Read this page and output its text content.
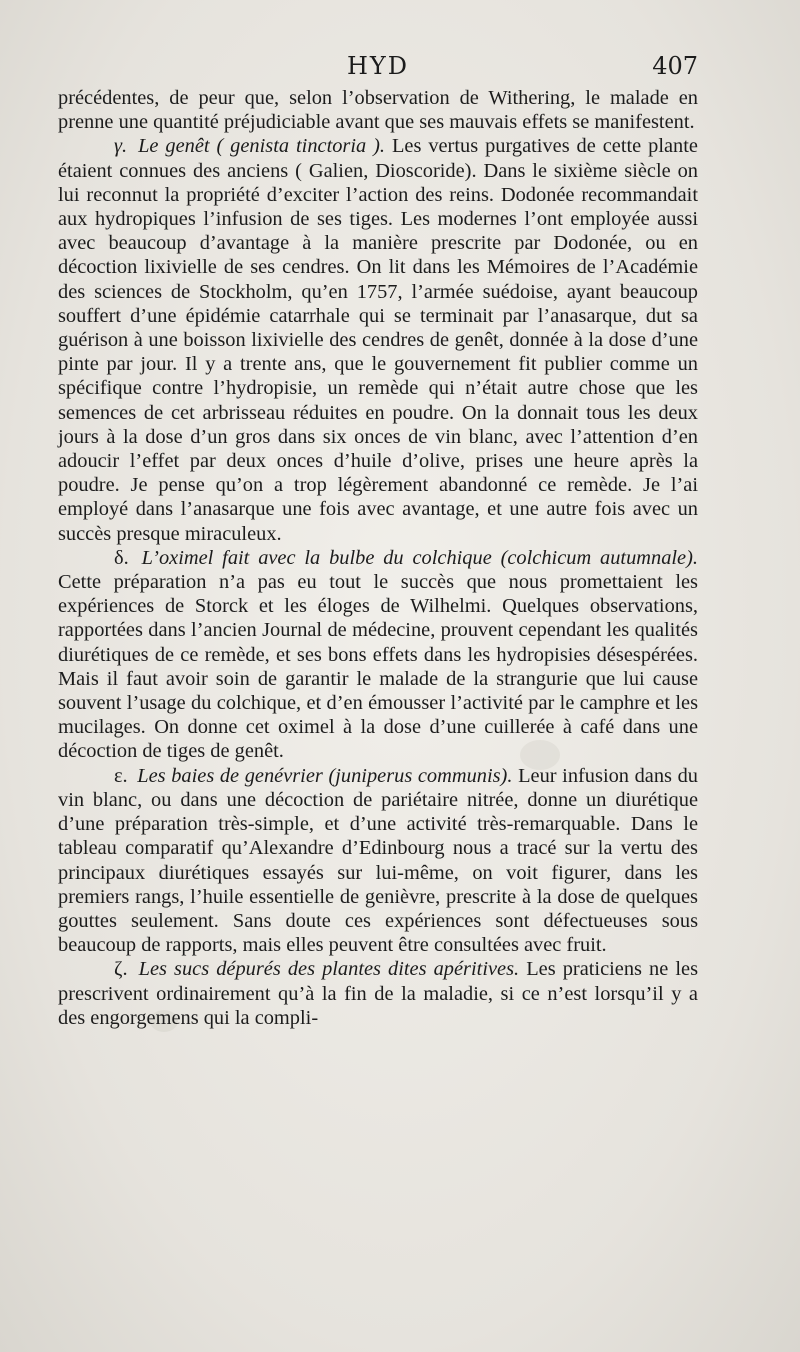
HYD	407

précédentes, de peur que, selon l’observation de Withering, le malade en prenne une quantité préjudiciable avant que ses mauvais effets se manifestent.

γ. Le genêt ( genista tinctoria ). Les vertus purgatives de cette plante étaient connues des anciens ( Galien, Dioscoride). Dans le sixième siècle on lui reconnut la propriété d’exciter l’action des reins. Dodonée recommandait aux hydropiques l’infusion de ses tiges. Les modernes l’ont employée aussi avec beaucoup d’avantage à la manière prescrite par Dodonée, ou en décoction lixivielle de ses cendres. On lit dans les Mémoires de l’Académie des sciences de Stockholm, qu’en 1757, l’armée suédoise, ayant beaucoup souffert d’une épidémie catarrhale qui se terminait par l’anasarque, dut sa guérison à une boisson lixivielle des cendres de genêt, donnée à la dose d’une pinte par jour. Il y a trente ans, que le gouvernement fit publier comme un spécifique contre l’hydropisie, un remède qui n’était autre chose que les semences de cet arbrisseau réduites en poudre. On la donnait tous les deux jours à la dose d’un gros dans six onces de vin blanc, avec l’attention d’en adoucir l’effet par deux onces d’huile d’olive, prises une heure après la poudre. Je pense qu’on a trop légèrement abandonné ce remède. Je l’ai employé dans l’anasarque une fois avec avantage, et une autre fois avec un succès presque miraculeux.

δ. L’oximel fait avec la bulbe du colchique (colchicum autumnale). Cette préparation n’a pas eu tout le succès que nous promettaient les expériences de Storck et les éloges de Wilhelmi. Quelques observations, rapportées dans l’ancien Journal de médecine, prouvent cependant les qualités diurétiques de ce remède, et ses bons effets dans les hydropisies désespérées. Mais il faut avoir soin de garantir le malade de la strangurie que lui cause souvent l’usage du colchique, et d’en émousser l’activité par le camphre et les mucilages. On donne cet oximel à la dose d’une cuillerée à café dans une décoction de tiges de genêt.

ε. Les baies de genévrier (juniperus communis). Leur infusion dans du vin blanc, ou dans une décoction de pariétaire nitrée, donne un diurétique d’une préparation très-simple, et d’une activité très-remarquable. Dans le tableau comparatif qu’Alexandre d’Edinbourg nous a tracé sur la vertu des principaux diurétiques essayés sur lui-même, on voit figurer, dans les premiers rangs, l’huile essentielle de genièvre, prescrite à la dose de quelques gouttes seulement. Sans doute ces expériences sont défectueuses sous beaucoup de rapports, mais elles peuvent être consultées avec fruit.

ζ. Les sucs dépurés des plantes dites apéritives. Les praticiens ne les prescrivent ordinairement qu’à la fin de la maladie, si ce n’est lorsqu’il y a des engorgemens qui la compli-
